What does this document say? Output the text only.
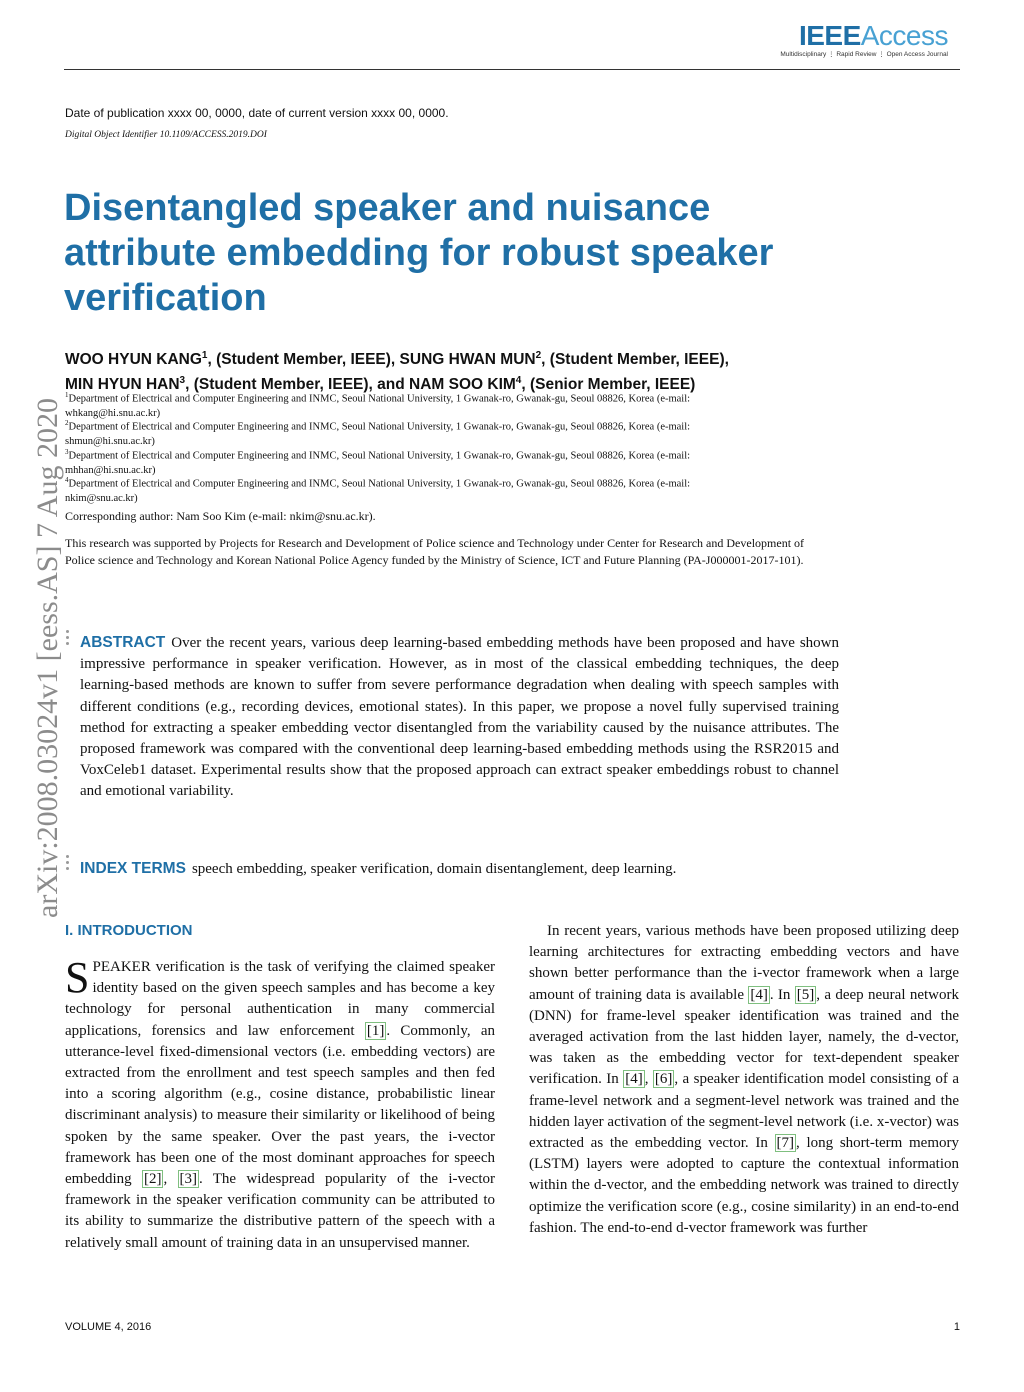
IEEEAccess
Multidisciplinary ⋮ Rapid Review ⋮ Open Access Journal
Date of publication xxxx 00, 0000, date of current version xxxx 00, 0000.
Digital Object Identifier 10.1109/ACCESS.2019.DOI
Disentangled speaker and nuisance attribute embedding for robust speaker verification
WOO HYUN KANG$^1$, (Student Member, IEEE), SUNG HWAN MUN$^2$, (Student Member, IEEE),
MIN HYUN HAN$^3$, (Student Member, IEEE), and NAM SOO KIM$^4$, (Senior Member, IEEE)
$^1$Department of Electrical and Computer Engineering and INMC, Seoul National University, 1 Gwanak-ro, Gwanak-gu, Seoul 08826, Korea (e-mail:
whkang@hi.snu.ac.kr)
$^2$Department of Electrical and Computer Engineering and INMC, Seoul National University, 1 Gwanak-ro, Gwanak-gu, Seoul 08826, Korea (e-mail:
shmun@hi.snu.ac.kr)
$^3$Department of Electrical and Computer Engineering and INMC, Seoul National University, 1 Gwanak-ro, Gwanak-gu, Seoul 08826, Korea (e-mail:
mhhan@hi.snu.ac.kr)
$^4$Department of Electrical and Computer Engineering and INMC, Seoul National University, 1 Gwanak-ro, Gwanak-gu, Seoul 08826, Korea (e-mail:
nkim@snu.ac.kr)
Corresponding author: Nam Soo Kim (e-mail: nkim@snu.ac.kr).
This research was supported by Projects for Research and Development of Police science and Technology under Center for Research and Development of Police science and Technology and Korean National Police Agency funded by the Ministry of Science, ICT and Future Planning (PA-J000001-2017-101).
arXiv:2008.03024v1 [eess.AS] 7 Aug 2020 ABSTRACT Over the recent years, various deep learning-based embedding methods have been proposed and have shown impressive performance in speaker verification. However, as in most of the classical embedding techniques, the deep learning-based methods are known to suffer from severe performance degradation when dealing with speech samples with different conditions (e.g., recording devices, emotional states). In this paper, we propose a novel fully supervised training method for extracting a speaker embedding vector disentangled from the variability caused by the nuisance attributes. The proposed framework was compared with the conventional deep learning-based embedding methods using the RSR2015 and VoxCeleb1 dataset. Experimental results show that the proposed approach can extract speaker embeddings robust to channel and emotional variability.
INDEX TERMS speech embedding, speaker verification, domain disentanglement, deep learning.
I. INTRODUCTION

SPEAKER verification is the task of verifying the claimed speaker identity based on the given speech samples and has become a key technology for personal authentication in many commercial applications, forensics and law enforcement [1] . Commonly, an utterance-level fixed-dimensional vectors (i.e. embedding vectors) are extracted from the enrollment and test speech samples and then fed into a scoring algorithm (e.g., cosine distance, probabilistic linear discriminant analysis) to measure their similarity or likelihood of being spoken by the same speaker. Over the past years, the i-vector framework has been one of the most dominant approaches for speech embedding [2] , [3] . The widespread popularity of the i-vector framework in the speaker verification community can be attributed to its ability to summarize the distributive pattern of the speech with a relatively small amount of training data in an unsupervised manner.

In recent years, various methods have been proposed utilizing deep learning architectures for extracting embedding vectors and have shown better performance than the i-vector framework when a large amount of training data is available [4] . In [5] , a deep neural network (DNN) for frame-level speaker identification was trained and the averaged activation from the last hidden layer, namely, the d-vector, was taken as the embedding vector for text-dependent speaker verification. In [4] , [6] , a speaker identification model consisting of a frame-level network and a segment-level network was trained and the hidden layer activation of the segment-level network (i.e. x-vector) was extracted as the embedding vector. In [7] , long short-term memory (LSTM) layers were adopted to capture the contextual information within the d-vector, and the embedding network was trained to directly optimize the verification score (e.g., cosine similarity) in an end-to-end fashion. The end-to-end d-vector framework was further

VOLUME 4, 2016	1
